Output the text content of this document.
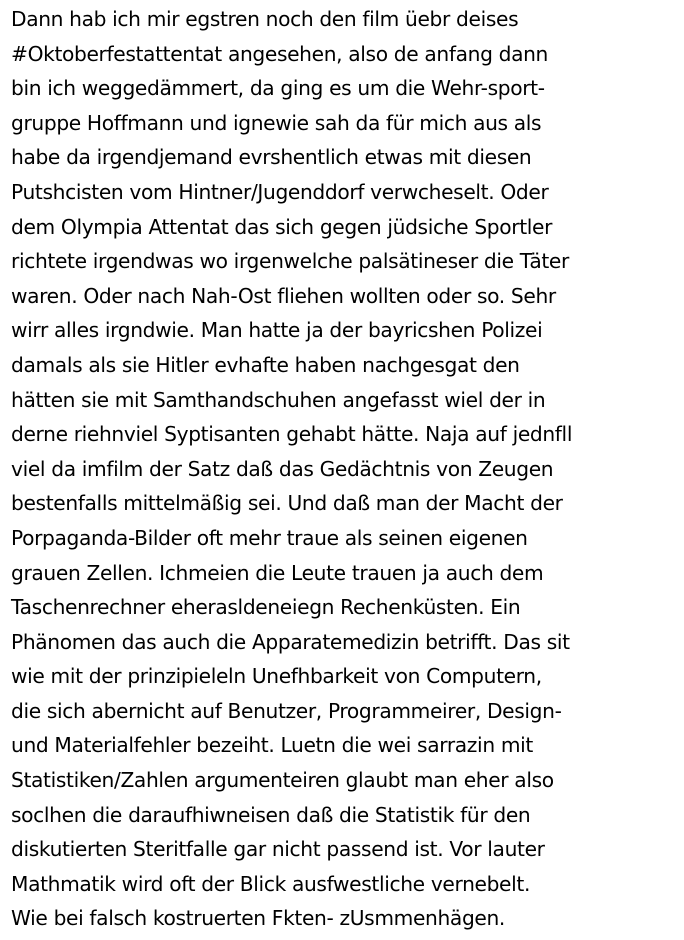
Dann hab ich mir egstren noch den film üebr deises
#Oktoberfestattentat angesehen, also de anfang dann
bin ich weggedämmert, da ging es um die Wehr-sport-
gruppe Hoffmann und ignewie sah da für mich aus als
habe da irgendjemand evrshentlich etwas mit diesen
Putshcisten vom Hintner/Jugenddorf verwcheselt. Oder
dem Olympia Attentat das sich gegen jüdsiche Sportler
richtete irgendwas wo irgenwelche palsätineser die Täter
waren. Oder nach Nah-Ost fliehen wollten oder so. Sehr
wirr alles irgndwie. Man hatte ja der bayricshen Polizei
damals als sie Hitler evhafte haben nachgesgat den
hätten sie mit Samthandschuhen angefasst wiel der in
derne riehnviel Syptisanten gehabt hätte. Naja auf jednfll
viel da imfilm der Satz daß das Gedächtnis von Zeugen
bestenfalls mittelmäßig sei. Und daß man der Macht der
Porpaganda-Bilder oft mehr traue als seinen eigenen
grauen Zellen. Ichmeien die Leute trauen ja auch dem
Taschenrechner eherasldeneiegn Rechenküsten. Ein
Phänomen das auch die Apparatemedizin betrifft. Das sit
wie mit der prinzipieleln Unefhbarkeit von Computern,
die sich abernicht auf Benutzer, Programmeirer, Design-
und Materialfehler bezeiht. Luetn die wei sarrazin mit
Statistiken/Zahlen argumenteiren glaubt man eher also
soclhen die daraufhiwneisen daß die Statistik für den
diskutierten Steritfalle gar nicht passend ist. Vor lauter
Mathmatik wird oft der Blick ausfwestliche vernebelt.
Wie bei falsch kostruerten Fkten- zUsmmenhägen.
